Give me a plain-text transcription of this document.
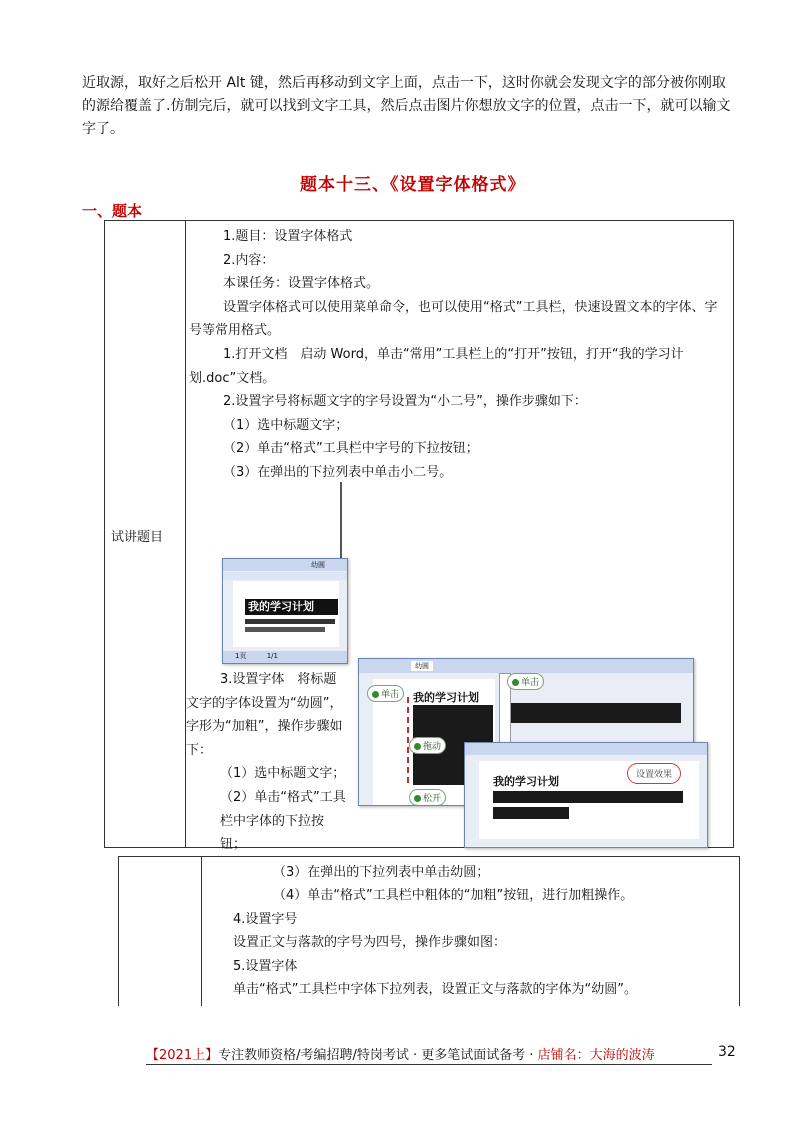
近取源，取好之后松开 Alt 键，然后再移动到文字上面，点击一下，这时你就会发现文字的部分被你刚取的源给覆盖了.仿制完后，就可以找到文字工具，然后点击图片你想放文字的位置，点击一下，就可以输文字了。

题本十三、《设置字体格式》
一、题本
试讲题目

1.题目：设置字体格式

2.内容：

本课任务：设置字体格式。

设置字体格式可以使用菜单命令，也可以使用“格式”工具栏，快速设置文本的字体、字号等常用格式。

1.打开文档　启动 Word，单击“常用”工具栏上的“打开”按钮，打开“我的学习计划.doc”文档。

2.设置字号将标题文字的字号设置为“小二号”，操作步骤如下：

（1）选中标题文字；

（2）单击“格式”工具栏中字号的下拉按钮；

（3）在弹出的下拉列表中单击小二号。

幼圆
我的学习计划
1页	1/1
幼圆
我的学习计划
单击
单击
拖动
松开
我的学习计划	设置效果

3.设置字体　将标题文字的字体设置为“幼圆”，字形为“加粗”，操作步骤如下：

（1）选中标题文字；

（2）单击“格式”工具栏中字体的下拉按钮；

（3）在弹出的下拉列表中单击幼圆；

（4）单击“格式”工具栏中粗体的“加粗”按钮，进行加粗操作。

4.设置字号

设置正文与落款的字号为四号，操作步骤如图：

5.设置字体

单击“格式”工具栏中字体下拉列表，设置正文与落款的字体为“幼圆”。

【2021上】专注教师资格/考编招聘/特岗考试 · 更多笔试面试备考 · 店铺名：大海的波涛	32
